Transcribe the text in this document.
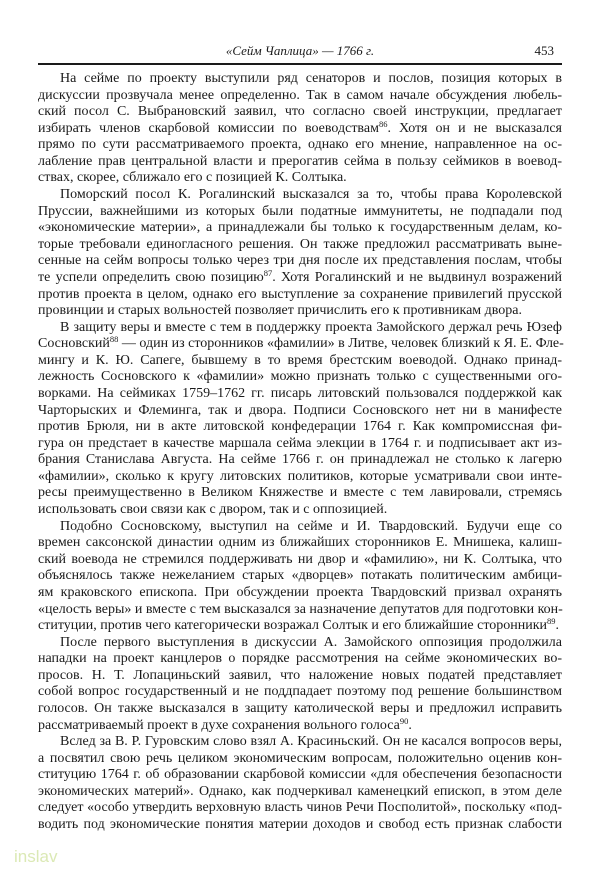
«Сейм Чаплица» — 1766 г.	453
На сейме по проекту выступили ряд сенаторов и послов, позиция которых в
дискуссии прозвучала менее определенно. Так в самом начале обсуждения любель-
ский посол С. Выбрановский заявил, что согласно своей инструкции, предлагает
избирать членов скарбовой комиссии по воеводствам$^{86}$. Хотя он и не высказался
прямо по сути рассматриваемого проекта, однако его мнение, направленное на ос-
лабление прав центральной власти и прерогатив сейма в пользу сеймиков в воевод-
ствах, скорее, сближало его с позицией К. Солтыка.
Поморский посол К. Рогалинский высказался за то, чтобы права Королевской
Пруссии, важнейшими из которых были податные иммунитеты, не подпадали под
«экономические материи», а принадлежали бы только к государственным делам, ко-
торые требовали единогласного решения. Он также предложил рассматривать выне-
сенные на сейм вопросы только через три дня после их представления послам, чтобы
те успели определить свою позицию$^{87}$. Хотя Рогалинский и не выдвинул возражений
против проекта в целом, однако его выступление за сохранение привилегий прусской
провинции и старых вольностей позволяет причислить его к противникам двора.
В защиту веры и вместе с тем в поддержку проекта Замойского держал речь Юзеф
Сосновский$^{88}$ — один из сторонников «фамилии» в Литве, человек близкий к Я. Е. Фле-
мингу и К. Ю. Сапеге, бывшему в то время брестским воеводой. Однако принад-
лежность Сосновского к «фамилии» можно признать только с существенными ого-
ворками. На сеймиках 1759–1762 гг. писарь литовский пользовался поддержкой как
Чарторыских и Флеминга, так и двора. Подписи Сосновского нет ни в манифесте
против Брюля, ни в акте литовской конфедерации 1764 г. Как компромиссная фи-
гура он предстает в качестве маршала сейма элекции в 1764 г. и подписывает акт из-
брания Станислава Августа. На сейме 1766 г. он принадлежал не столько к лагерю
«фамилии», сколько к кругу литовских политиков, которые усматривали свои инте-
ресы преимущественно в Великом Княжестве и вместе с тем лавировали, стремясь
использовать свои связи как с двором, так и с оппозицией.
Подобно Сосновскому, выступил на сейме и И. Твардовский. Будучи еще со
времен саксонской династии одним из ближайших сторонников Е. Мнишека, калиш-
ский воевода не стремился поддерживать ни двор и «фамилию», ни К. Солтыка, что
объяснялось также нежеланием старых «дворцев» потакать политическим амбици-
ям краковского епископа. При обсуждении проекта Твардовский призвал охранять
«целость веры» и вместе с тем высказался за назначение депутатов для подготовки кон-
ституции, против чего категорически возражал Солтык и его ближайшие сторонники$^{89}$.
После первого выступления в дискуссии А. Замойского оппозиция продолжила
нападки на проект канцлеров о порядке рассмотрения на сейме экономических во-
просов. Н. Т. Лопациньский заявил, что наложение новых податей представляет
собой вопрос государственный и не поддпадает поэтому под решение большинством
голосов. Он также высказался в защиту католической веры и предложил исправить
рассматриваемый проект в духе сохранения вольного голоса$^{90}$.
Вслед за В. Р. Гуровским слово взял А. Красиньский. Он не касался вопросов веры,
а посвятил свою речь целиком экономическим вопросам, положительно оценив кон-
ституцию 1764 г. об образовании скарбовой комиссии «для обеспечения безопасности
экономических материй». Однако, как подчеркивал каменецкий епископ, в этом деле
следует «особо утвердить верховную власть чинов Речи Посполитой», поскольку «под-
водить под экономические понятия материи доходов и свобод есть признак слабости
inslav
